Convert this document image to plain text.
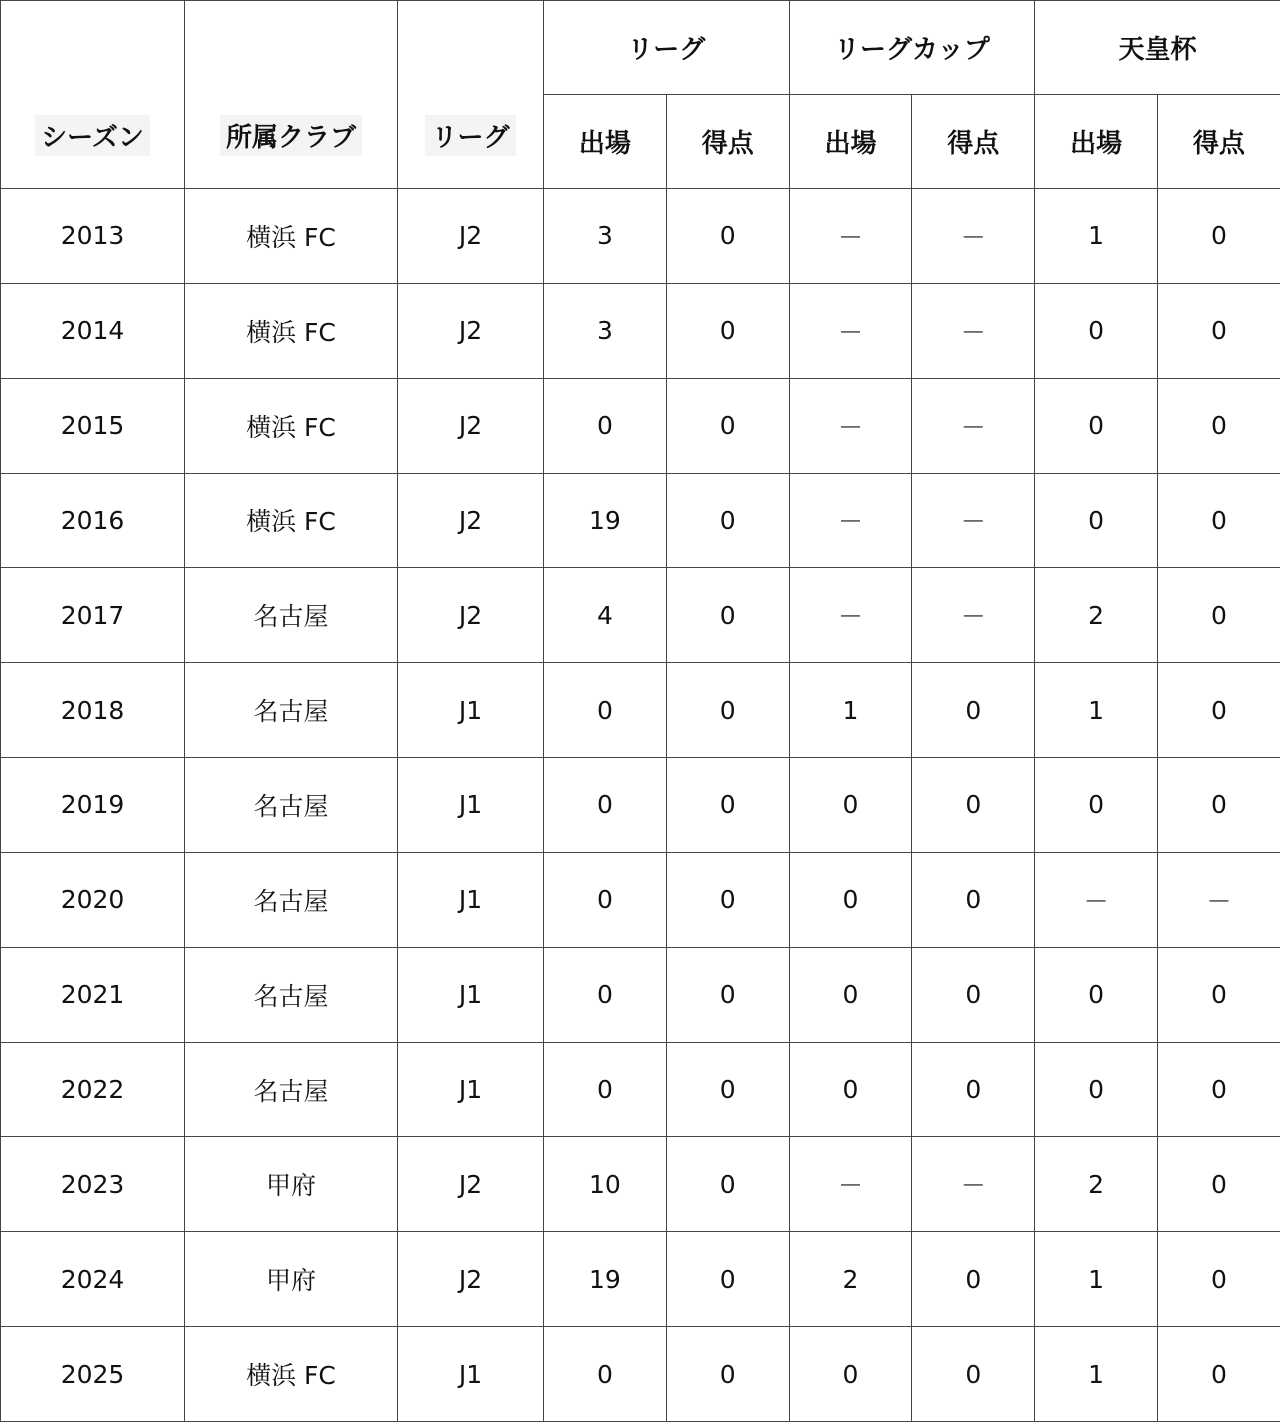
シーズン	所属クラブ	リーグ	リーグ		リーグカップ		天皇杯	
			出場	得点	出場	得点	出場	得点
2013	横浜 FC	J2	3	0	－	－	1	0
2014	横浜 FC	J2	3	0	－	－	0	0
2015	横浜 FC	J2	0	0	－	－	0	0
2016	横浜 FC	J2	19	0	－	－	0	0
2017	名古屋	J2	4	0	－	－	2	0
2018	名古屋	J1	0	0	1	0	1	0
2019	名古屋	J1	0	0	0	0	0	0
2020	名古屋	J1	0	0	0	0	－	－
2021	名古屋	J1	0	0	0	0	0	0
2022	名古屋	J1	0	0	0	0	0	0
2023	甲府	J2	10	0	－	－	2	0
2024	甲府	J2	19	0	2	0	1	0
2025	横浜 FC	J1	0	0	0	0	1	0
